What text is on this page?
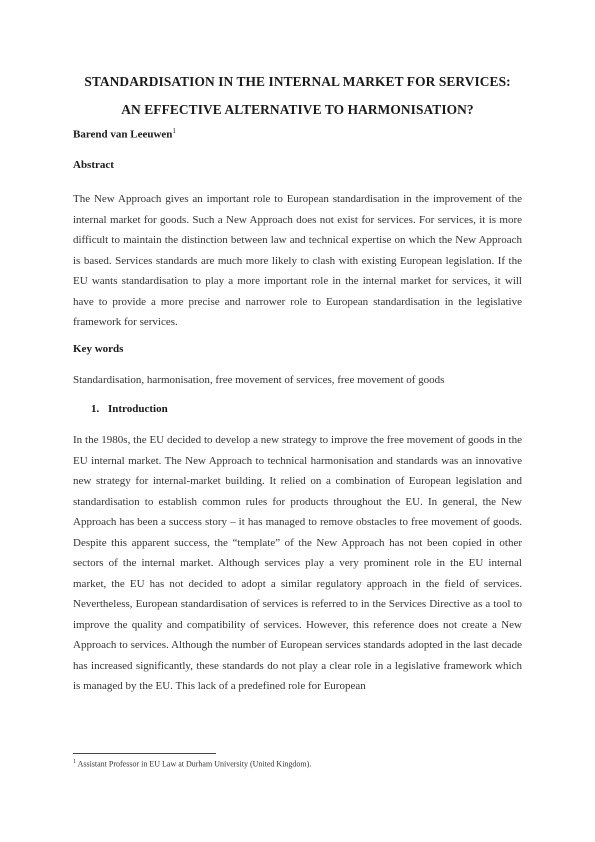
STANDARDISATION IN THE INTERNAL MARKET FOR SERVICES:
AN EFFECTIVE ALTERNATIVE TO HARMONISATION?
Barend van Leeuwen$^1$
Abstract
The New Approach gives an important role to European standardisation in the improvement of the internal market for goods. Such a New Approach does not exist for services. For services, it is more difficult to maintain the distinction between law and technical expertise on which the New Approach is based. Services standards are much more likely to clash with existing European legislation. If the EU wants standardisation to play a more important role in the internal market for services, it will have to provide a more precise and narrower role to European standardisation in the legislative framework for services.
Key words
Standardisation, harmonisation, free movement of services, free movement of goods
1. Introduction
In the 1980s, the EU decided to develop a new strategy to improve the free movement of goods in the EU internal market. The New Approach to technical harmonisation and standards was an innovative new strategy for internal-market building. It relied on a combination of European legislation and standardisation to establish common rules for products throughout the EU. In general, the New Approach has been a success story – it has managed to remove obstacles to free movement of goods. Despite this apparent success, the “template” of the New Approach has not been copied in other sectors of the internal market. Although services play a very prominent role in the EU internal market, the EU has not decided to adopt a similar regulatory approach in the field of services. Nevertheless, European standardisation of services is referred to in the Services Directive as a tool to improve the quality and compatibility of services. However, this reference does not create a New Approach to services. Although the number of European services standards adopted in the last decade has increased significantly, these standards do not play a clear role in a legislative framework which is managed by the EU. This lack of a predefined role for European
$^1$ Assistant Professor in EU Law at Durham University (United Kingdom).
